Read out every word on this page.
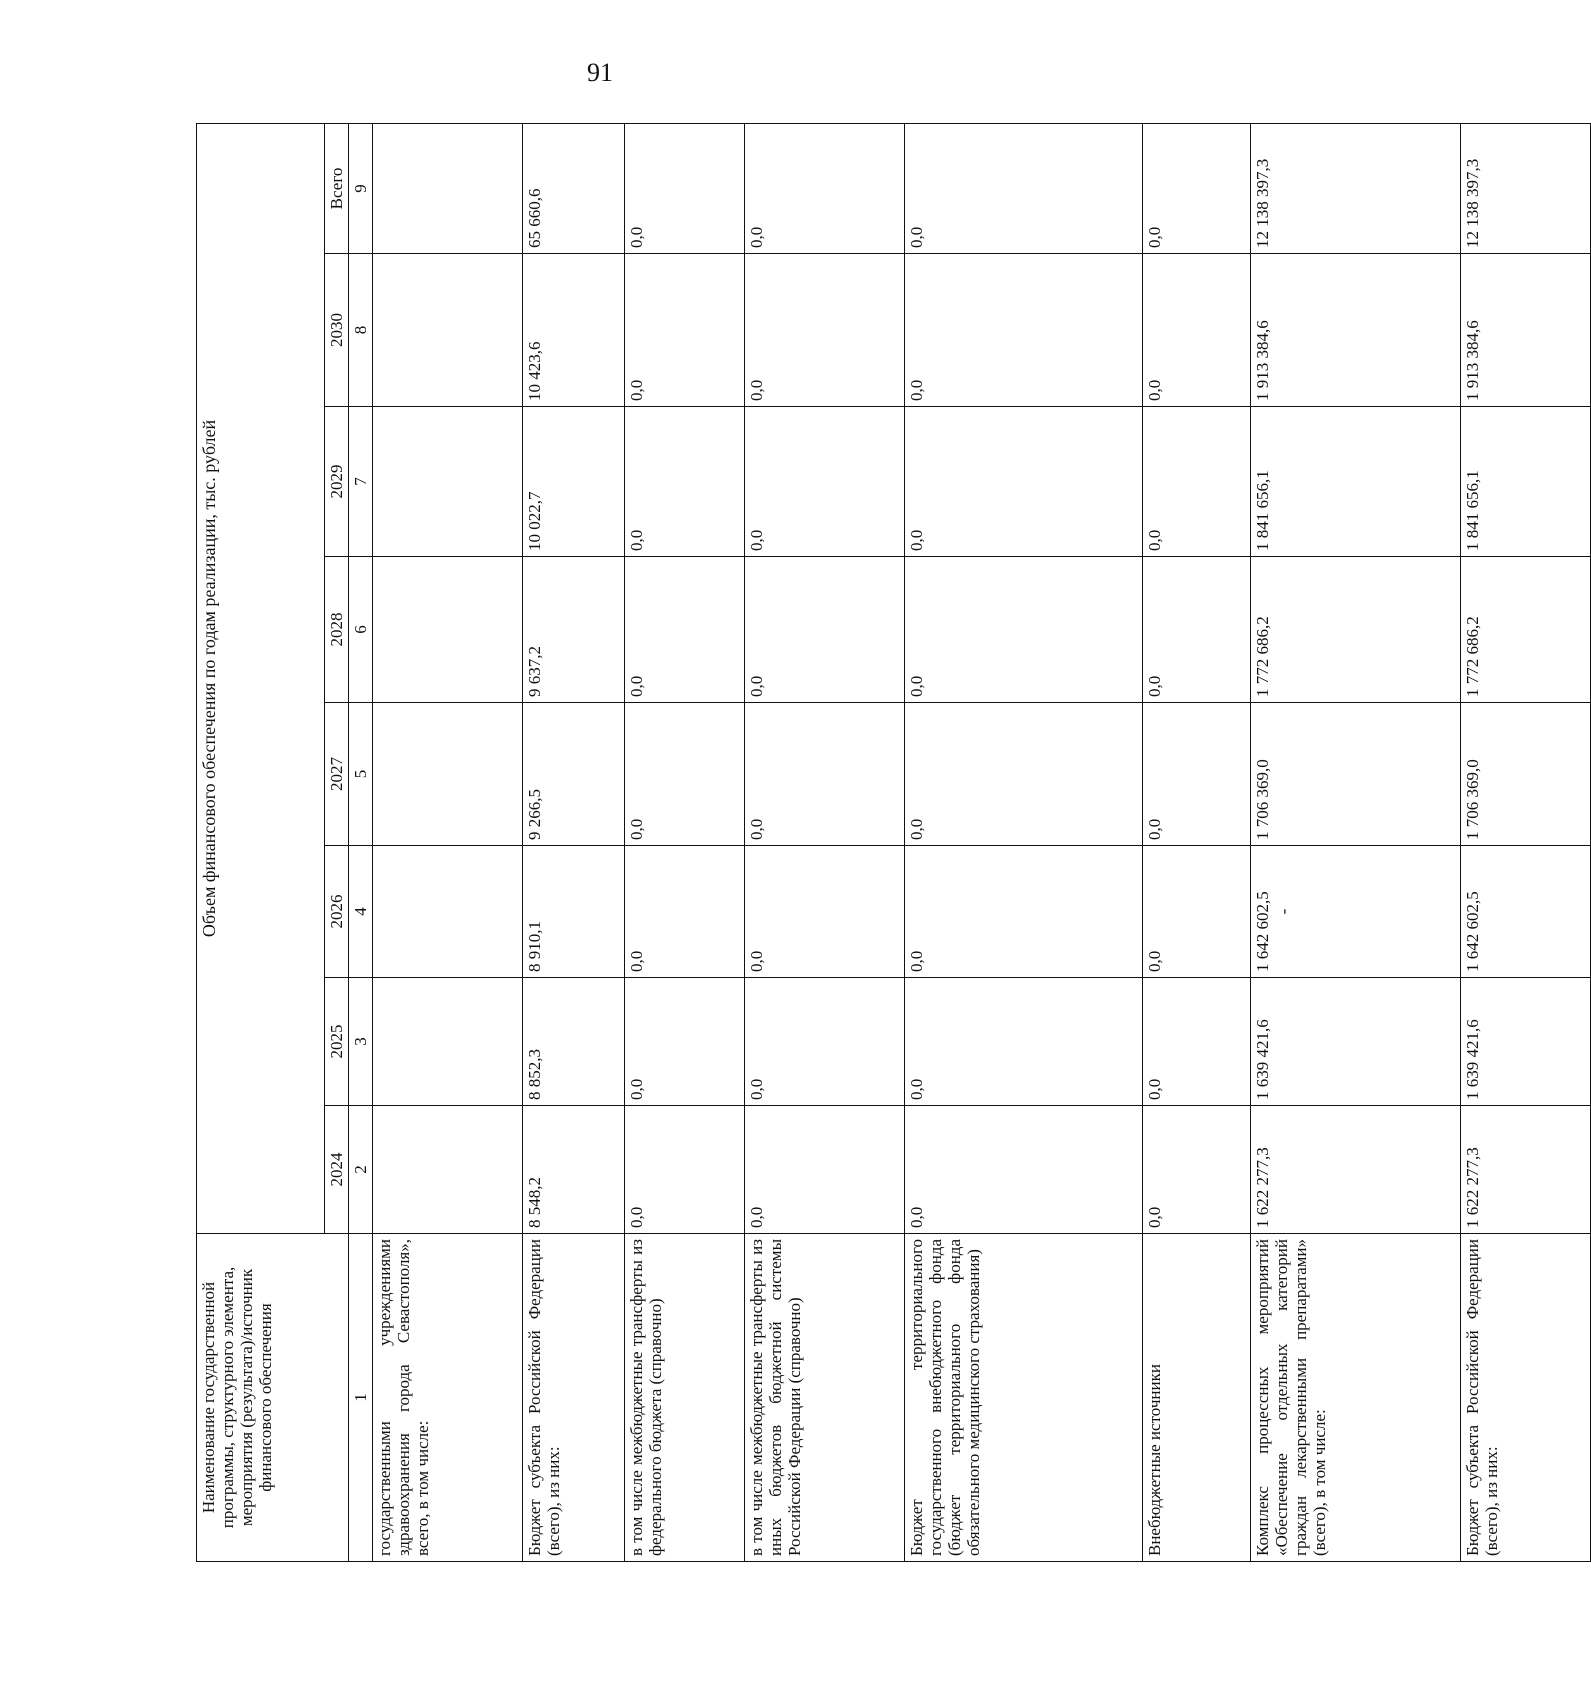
91
Наименование государственной программы, структурного элемента, мероприятия (результата)/источник финансового обеспечения	Объем финансового обеспечения по годам реализации, тыс. рублей							
	2024	2025	2026	2027	2028	2029	2030	Всего
1	2	3	4	5	6	7	8	9
государственными учреждениями здравоохранения города Севастополя», всего, в том числе:								
Бюджет субъекта Российской Федерации (всего), из них:	8 548,2	8 852,3	8 910,1	9 266,5	9 637,2	10 022,7	10 423,6	65 660,6
в том числе межбюджетные трансферты из федерального бюджета (справочно)	0,0	0,0	0,0	0,0	0,0	0,0	0,0	0,0
в том числе межбюджетные трансферты из иных бюджетов бюджетной системы Российской Федерации (справочно)	0,0	0,0	0,0	0,0	0,0	0,0	0,0	0,0
Бюджет территориального государственного внебюджетного фонда (бюджет территориального фонда обязательного медицинского страхования)	0,0	0,0	0,0	0,0	0,0	0,0	0,0	0,0
Внебюджетные источники	0,0	0,0	0,0	0,0	0,0	0,0	0,0	0,0
Комплекс процессных мероприятий «Обеспечение отдельных категорий граждан лекарственными препаратами» (всего), в том числе:	1 622 277,3	1 639 421,6	1 642 602,5 -	1 706 369,0	1 772 686,2	1 841 656,1	1 913 384,6	12 138 397,3
Бюджет субъекта Российской Федерации (всего), из них:	1 622 277,3	1 639 421,6	1 642 602,5	1 706 369,0	1 772 686,2	1 841 656,1	1 913 384,6	12 138 397,3
